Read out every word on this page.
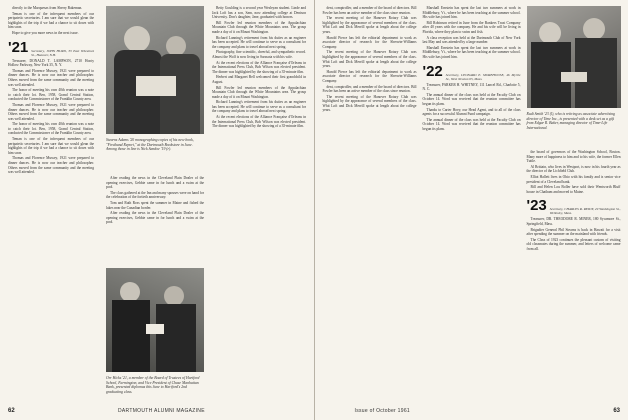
directly to the Marquesas from Sherry Bakeman.

Teman is one of the infrequent members of our peripatetic secretaries. I am sure that we would glean the highlights of the trip if we had a chance to sit down with him soon.

Hope to give you more news in the next issue.

'21 Secretary, JOHN HURD, 33 East Wheelock St., Hanover, N.H.

Treasurer, DONALD T. LAMPSON, 2710 Hooty Hollow Parkway, New York 35, N. Y.

Thomas and Florence Mussey, 1921 were prepared to dinner dances. He is now our teacher and philosopher. Others moved from the same community and the meeting was well attended.

The honor of meeting his own 40th reunion was a note to catch their lot. Ben, 1958, Grand Central Station, conducted the Commissioner of the Franklin County area.

Thomas and Florence Mussey, 1921 were prepared to dinner dances. He is now our teacher and philosopher. Others moved from the same community and the meeting was well attended.

The honor of meeting his own 40th reunion was a note to catch their lot. Ben, 1958, Grand Central Station, conducted the Commissioner of the Franklin County area.

Teman is one of the infrequent members of our peripatetic secretaries. I am sure that we would glean the highlights of the trip if we had a chance to sit down with him soon.

Thomas and Florence Mussey, 1921 were prepared to dinner dances. He is now our teacher and philosopher. Others moved from the same community and the meeting was well attended.

Stearns Adams '20 monographing copies of his new book, "Firsthand Report," at the Dartmouth Bookstore in June. Among those in line is Nick Sandoe '19 (r).

After reading the news in the Cleveland Plain Dealer of the opening exercises, Gebbie came in for lunch and a swim at the pool.

The class gathered at the Inn and many spouses were on hand for the celebration of the fortieth anniversary.

Tom and Ruth Ross spent the summer in Maine and fished the lakes near the Canadian border.

After reading the news in the Cleveland Plain Dealer of the opening exercises, Gebbie came in for lunch and a swim at the pool.

Orr Hicks '21, a member of the Board of Trustees of Hartford School, Farmington, and Vice President of Chase Manhattan Bank, presented diplomas this June to Hartford's 2nd graduating class.

Betty Goulding is a second year Wesleyan student. Linde and Jack Loft has a son, Sam, now attending college at Denison University. Don's daughter, Jane, graduated with honors.

Bill Fowler led reunion members of the Appalachian Mountain Club through the White Mountains area. The group made a day of it on Mount Washington.

Richard Lanning's retirement from his duties as an engineer has been accepted. He will continue to serve as a consultant for the company and plans to travel abroad next spring.

Photography, fine scientific, cheerful, and sympathetic record. Almost the Wolf is now living in Sarasota with his wife.

At the recent elections of the Alliance Française d'Orleans in the International Press Club, Bob Wilson was elected president. The dinner was highlighted by the showing of a 35-minute film.

Herbert and Margaret Bell welcomed their first grandchild in August.

Bill Fowler led reunion members of the Appalachian Mountain Club through the White Mountains area. The group made a day of it on Mount Washington.

Richard Lanning's retirement from his duties as an engineer has been accepted. He will continue to serve as a consultant for the company and plans to travel abroad next spring.

At the recent elections of the Alliance Française d'Orleans in the International Press Club, Bob Wilson was elected president. The dinner was highlighted by the showing of a 35-minute film.

62	DARTMOUTH ALUMNI MAGAZINE

dent, comptroller, and a member of the board of directors. Bill Fowler has been an active member of the class since reunion.

The recent meeting of the Hanover Rotary Club was highlighted by the appearance of several members of the class. Whit Loft and Dick Merrill spoke at length about the college years.

Harold Pierce has left the editorial department to work as associate director of research for the Sherwin-Williams Company.

The recent meeting of the Hanover Rotary Club was highlighted by the appearance of several members of the class. Whit Loft and Dick Merrill spoke at length about the college years.

Harold Pierce has left the editorial department to work as associate director of research for the Sherwin-Williams Company.

dent, comptroller, and a member of the board of directors. Bill Fowler has been an active member of the class since reunion.

The recent meeting of the Hanover Rotary Club was highlighted by the appearance of several members of the class. Whit Loft and Dick Merrill spoke at length about the college years.

Marshall Ernstein has spent the last two summers at work in Middlebury, Vt., where he has been teaching at the summer school. His wife has joined him.

Bill Robinson retired in June from the Bankers Trust Company after 40 years with the company. He and his wife will be living in Florida, where they plan to swim and fish.

A class reception was held at the Dartmouth Club of New York last May and was attended by a large number.

Marshall Ernstein has spent the last two summers at work in Middlebury, Vt., where he has been teaching at the summer school. His wife has joined him.

'22 Secretary, LEONARD E. MOREHOUSE, 46 Myrtle St., West Newton 65, Mass.

Treasurer, PARKER H. WHITNEY, 111 Lancel Rd., Charlotte 5, N. C.

The annual dinner of the class was held at the Faculty Club on October 14. Word was received that the reunion committee has begun its plans.

Thanks to Carter Hoey, our Head Agent, and to all of the class agents for a successful Alumni Fund campaign.

The annual dinner of the class was held at the Faculty Club on October 14. Word was received that the reunion committee has begun its plans.

Rudi Smith '23 (l), who is retiring as associate advertising director of Time Inc., is presented with a desk set as a gift from Edgar R. Baker, managing director of Time-Life International.

the board of governors of the Washington School, Boston. Many more of happiness to him and to his wife, the former Ellen Tuttle.

Al Brittain, who lives in Westport, is now in his fourth year as the director of the Lichfield Club.

Elliot Hallett lives in Ohio with his family and is senior vice president of a Cleveland bank.

Bill and Helen Lou Boller have sold their Wentworth Bluff house in Chatham and moved to Maine.

'23 Secretary, CHARLES R. REIDY, 29 Washington St., Wellesley, Mass.

Treasurer, DR. THEODORE R. MINER, 180 Sycamore St., Springfield, Mass.

Brigadier General Phil Stearns is back in Hawaii for a visit after spending the summer on the mainland with friends.

The Class of 1923 continues the pleasant custom of visiting old classmates during the summer, and letters of welcome came from all.

Issue of October 1961	63
